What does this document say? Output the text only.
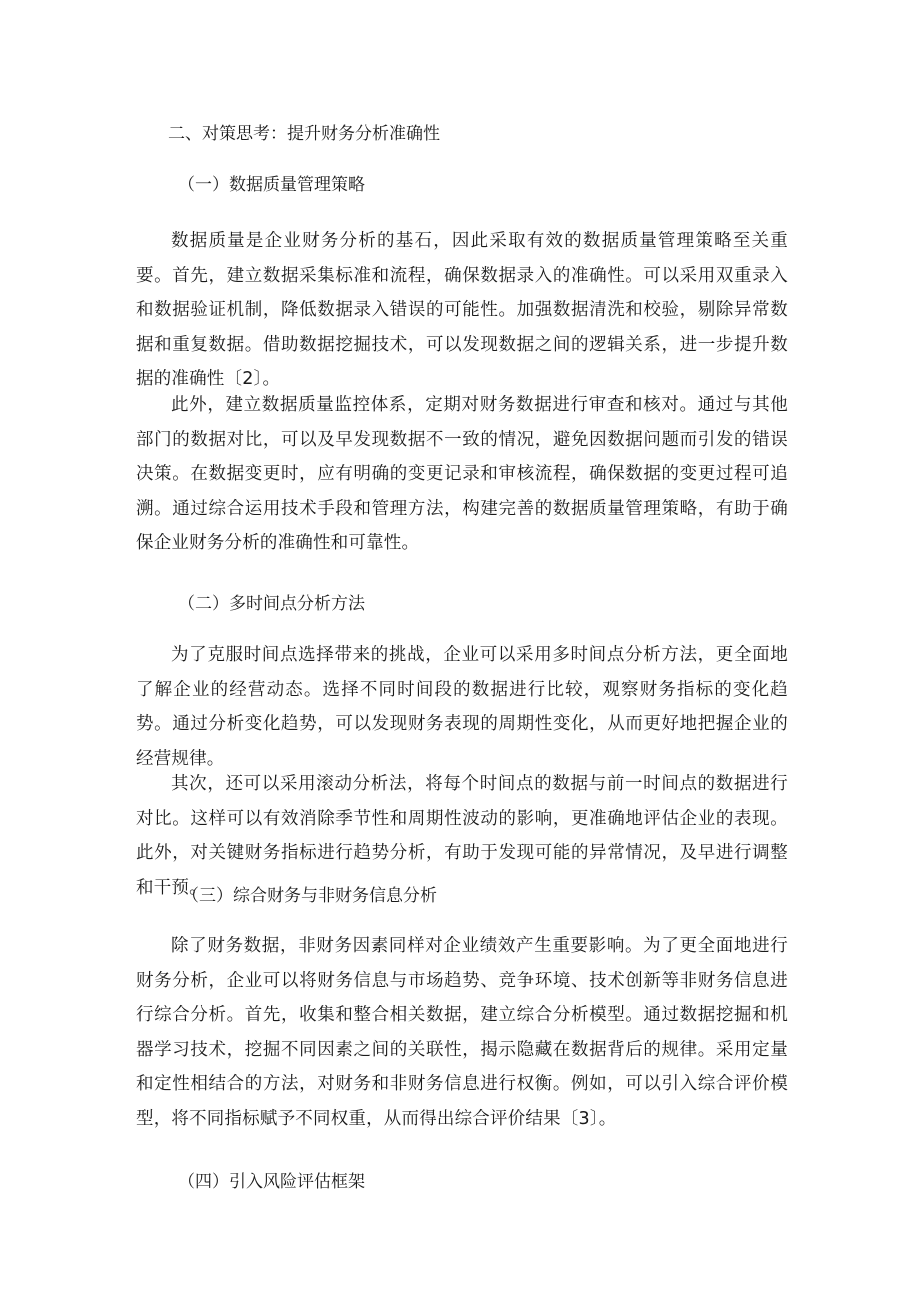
二、对策思考：提升财务分析准确性
（一）数据质量管理策略

数据质量是企业财务分析的基石，因此采取有效的数据质量管理策略至关重要。首先，建立数据采集标准和流程，确保数据录入的准确性。可以采用双重录入和数据验证机制，降低数据录入错误的可能性。加强数据清洗和校验，剔除异常数据和重复数据。借助数据挖掘技术，可以发现数据之间的逻辑关系，进一步提升数据的准确性〔2〕。

此外，建立数据质量监控体系，定期对财务数据进行审查和核对。通过与其他部门的数据对比，可以及早发现数据不一致的情况，避免因数据问题而引发的错误决策。在数据变更时，应有明确的变更记录和审核流程，确保数据的变更过程可追溯。通过综合运用技术手段和管理方法，构建完善的数据质量管理策略，有助于确保企业财务分析的准确性和可靠性。

（二）多时间点分析方法

为了克服时间点选择带来的挑战，企业可以采用多时间点分析方法，更全面地了解企业的经营动态。选择不同时间段的数据进行比较，观察财务指标的变化趋势。通过分析变化趋势，可以发现财务表现的周期性变化，从而更好地把握企业的经营规律。

其次，还可以采用滚动分析法，将每个时间点的数据与前一时间点的数据进行对比。这样可以有效消除季节性和周期性波动的影响，更准确地评估企业的表现。此外，对关键财务指标进行趋势分析，有助于发现可能的异常情况，及早进行调整和干预。

（三）综合财务与非财务信息分析

除了财务数据，非财务因素同样对企业绩效产生重要影响。为了更全面地进行财务分析，企业可以将财务信息与市场趋势、竞争环境、技术创新等非财务信息进行综合分析。首先，收集和整合相关数据，建立综合分析模型。通过数据挖掘和机器学习技术，挖掘不同因素之间的关联性，揭示隐藏在数据背后的规律。采用定量和定性相结合的方法，对财务和非财务信息进行权衡。例如，可以引入综合评价模型，将不同指标赋予不同权重，从而得出综合评价结果〔3〕。

（四）引入风险评估框架
